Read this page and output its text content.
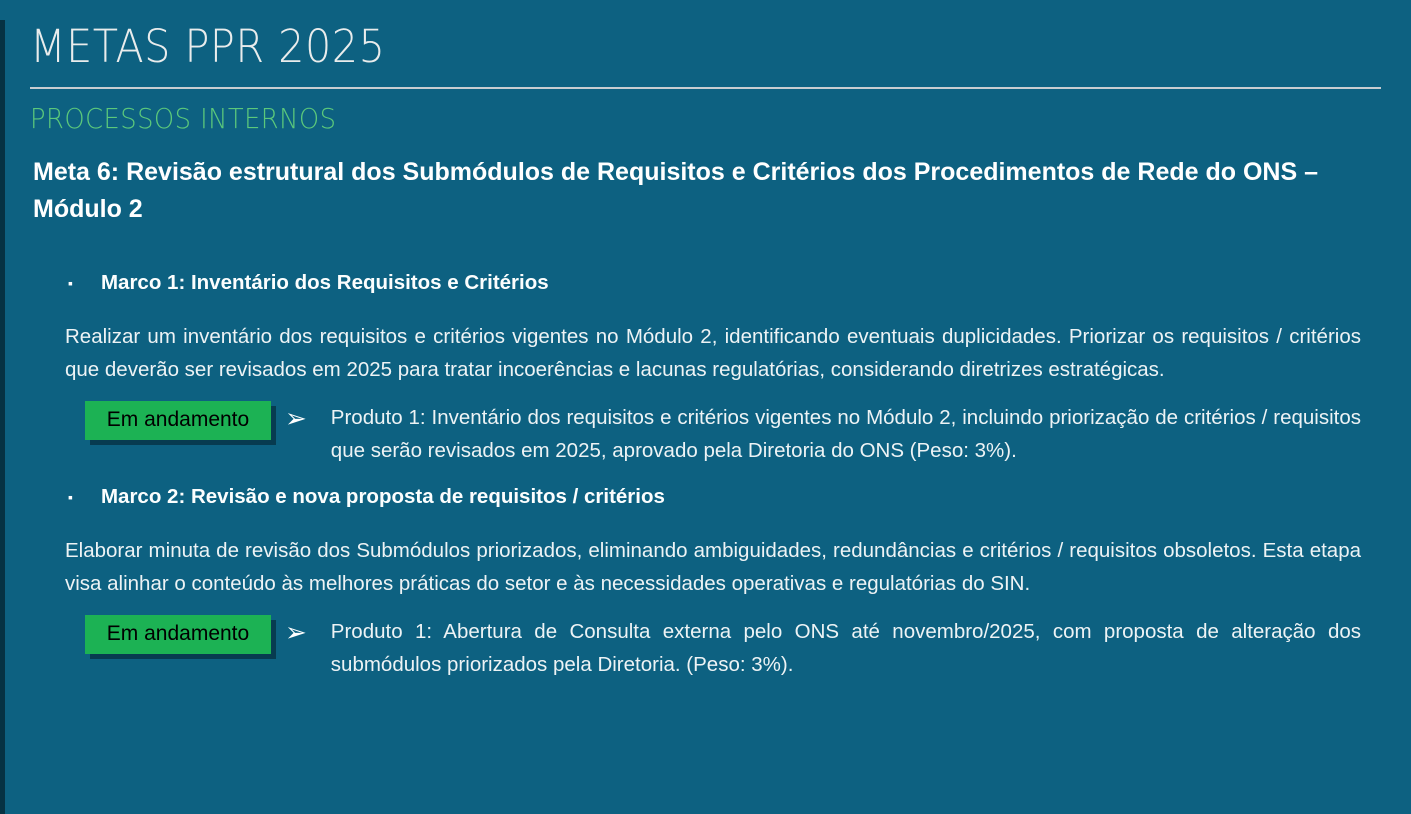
METAS PPR 2025
PROCESSOS INTERNOS
Meta 6: Revisão estrutural dos Submódulos de Requisitos e Critérios dos Procedimentos de Rede do ONS – Módulo 2
▪ Marco 1: Inventário dos Requisitos e Critérios

Realizar um inventário dos requisitos e critérios vigentes no Módulo 2, identificando eventuais duplicidades. Priorizar os requisitos / critérios que deverão ser revisados em 2025 para tratar incoerências e lacunas regulatórias, considerando diretrizes estratégicas.

Em andamento	➢ Produto 1: Inventário dos requisitos e critérios vigentes no Módulo 2, incluindo priorização de critérios / requisitos que serão revisados em 2025, aprovado pela Diretoria do ONS (Peso: 3%).

▪ Marco 2: Revisão e nova proposta de requisitos / critérios

Elaborar minuta de revisão dos Submódulos priorizados, eliminando ambiguidades, redundâncias e critérios / requisitos obsoletos. Esta etapa visa alinhar o conteúdo às melhores práticas do setor e às necessidades operativas e regulatórias do SIN.

Em andamento	➢ Produto 1: Abertura de Consulta externa pelo ONS até novembro/2025, com proposta de alteração dos submódulos priorizados pela Diretoria. (Peso: 3%).
